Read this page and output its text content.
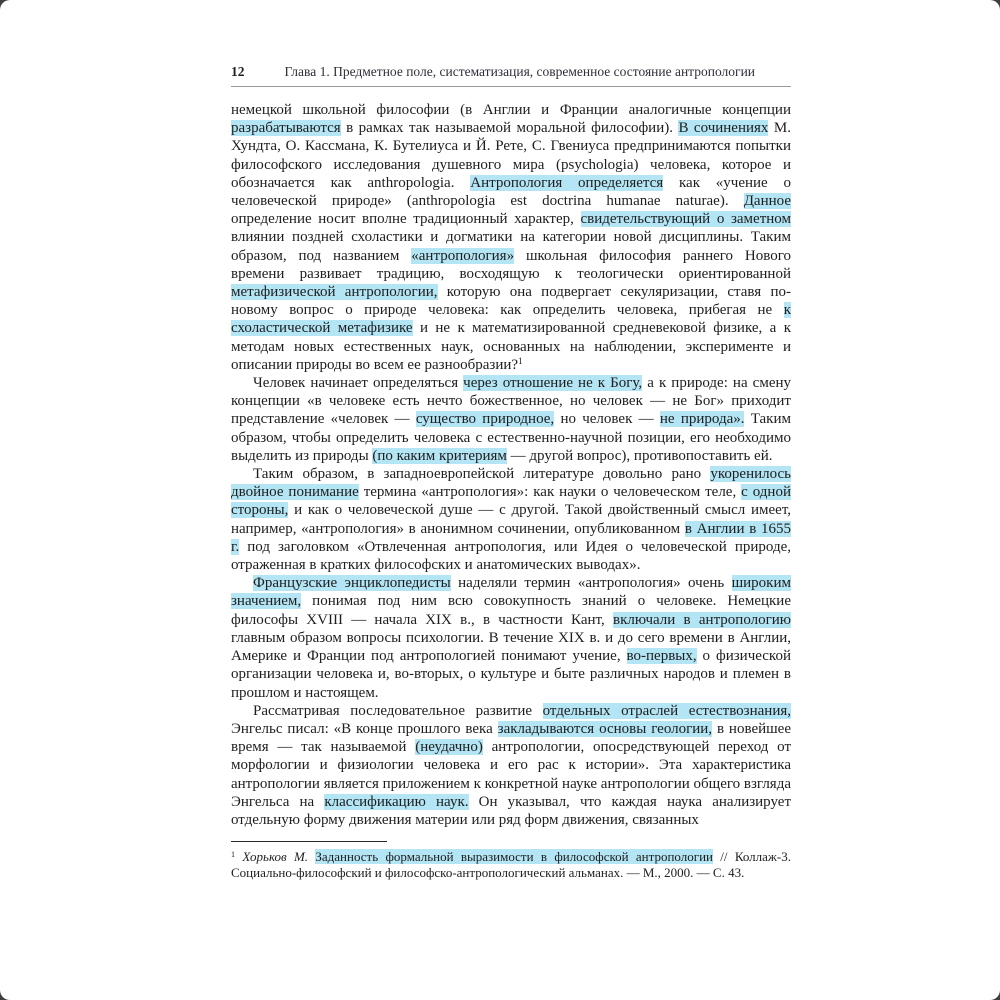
12	Глава 1. Предметное поле, систематизация, современное состояние антропологии

немецкой школьной философии (в Англии и Франции аналогичные концепции разрабатываются в рамках так называемой моральной философии). В сочинениях М. Хундта, О. Кассмана, К. Бутелиуса и Й. Рете, С. Гвениуса предпринимаются попытки философского исследования душевного мира (psychologia) человека, которое и обозначается как anthropologia. Антропология определяется как «учение о человеческой природе» (anthropologia est doctrina humanae naturae). Данное определение носит вполне традиционный характер, свидетельствующий о заметном влиянии поздней схоластики и догматики на категории новой дисциплины. Таким образом, под названием «антропология» школьная философия раннего Нового времени развивает традицию, восходящую к теологически ориентированной метафизической антропологии, которую она подвергает секуляризации, ставя по-новому вопрос о природе человека: как определить человека, прибегая не к схоластической метафизике и не к математизированной средневековой физике, а к методам новых естественных наук, основанных на наблюдении, эксперименте и описании природы во всем ее разнообразии?$^1$

Человек начинает определяться через отношение не к Богу, а к природе: на смену концепции «в человеке есть нечто божественное, но человек — не Бог» приходит представление «человек — существо природное, но человек — не природа». Таким образом, чтобы определить человека с естественно-научной позиции, его необходимо выделить из природы (по каким критериям — другой вопрос), противопоставить ей.

Таким образом, в западноевропейской литературе довольно рано укоренилось двойное понимание термина «антропология»: как науки о человеческом теле, с одной стороны, и как о человеческой душе — с другой. Такой двойственный смысл имеет, например, «антропология» в анонимном сочинении, опубликованном в Англии в 1655 г. под заголовком «Отвлеченная антропология, или Идея о человеческой природе, отраженная в кратких философских и анатомических выводах».

Французские энциклопедисты наделяли термин «антропология» очень широким значением, понимая под ним всю совокупность знаний о человеке. Немецкие философы XVIII — начала XIX в., в частности Кант, включали в антропологию главным образом вопросы психологии. В течение XIX в. и до сего времени в Англии, Америке и Франции под антропологией понимают учение, во-первых, о физической организации человека и, во-вторых, о культуре и быте различных народов и племен в прошлом и настоящем.

Рассматривая последовательное развитие отдельных отраслей естествознания, Энгельс писал: «В конце прошлого века закладываются основы геологии, в новейшее время — так называемой (неудачно) антропологии, опосредствующей переход от морфологии и физиологии человека и его рас к истории». Эта характеристика антропологии является приложением к конкретной науке антропологии общего взгляда Энгельса на классификацию наук. Он указывал, что каждая наука анализирует отдельную форму движения материи или ряд форм движения, связанных

$^1$ Хорьков М. Заданность формальной выразимости в философской антропологии // Коллаж-3. Социально-философский и философско-антропологический альманах. — М., 2000. — С. 43.
